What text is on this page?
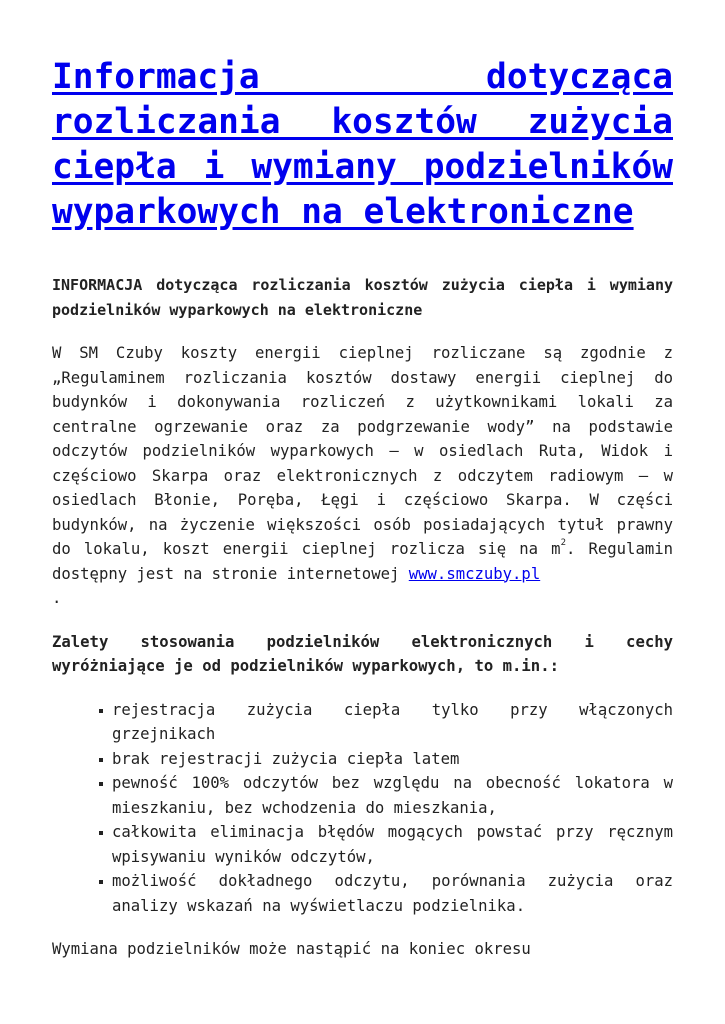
Informacja dotycząca rozliczania kosztów zużycia ciepła i wymiany podzielników wyparkowych na elektroniczne

INFORMACJA dotycząca rozliczania kosztów zużycia ciepła i wymiany podzielników wyparkowych na elektroniczne

W SM Czuby koszty energii cieplnej rozliczane są zgodnie z „Regulaminem rozliczania kosztów dostawy energii cieplnej do budynków i dokonywania rozliczeń z użytkownikami lokali za centralne ogrzewanie oraz za podgrzewanie wody” na podstawie odczytów podzielników wyparkowych – w osiedlach Ruta, Widok i częściowo Skarpa oraz elektronicznych z odczytem radiowym – w osiedlach Błonie, Poręba, Łęgi i częściowo Skarpa. W części budynków, na życzenie większości osób posiadających tytuł prawny do lokalu, koszt energii cieplnej rozlicza się na $m^2$. Regulamin dostępny jest na stronie internetowej www.smczuby.pl
.

Zalety stosowania podzielników elektronicznych i cechy wyróżniające je od podzielników wyparkowych, to m.in.:

rejestracja zużycia ciepła tylko przy włączonych grzejnikach
brak rejestracji zużycia ciepła latem
pewność 100% odczytów bez względu na obecność lokatora w mieszkaniu, bez wchodzenia do mieszkania,
całkowita eliminacja błędów mogących powstać przy ręcznym wpisywaniu wyników odczytów,
możliwość dokładnego odczytu, porównania zużycia oraz analizy wskazań na wyświetlaczu podzielnika.

Wymiana podzielników może nastąpić na koniec okresu
